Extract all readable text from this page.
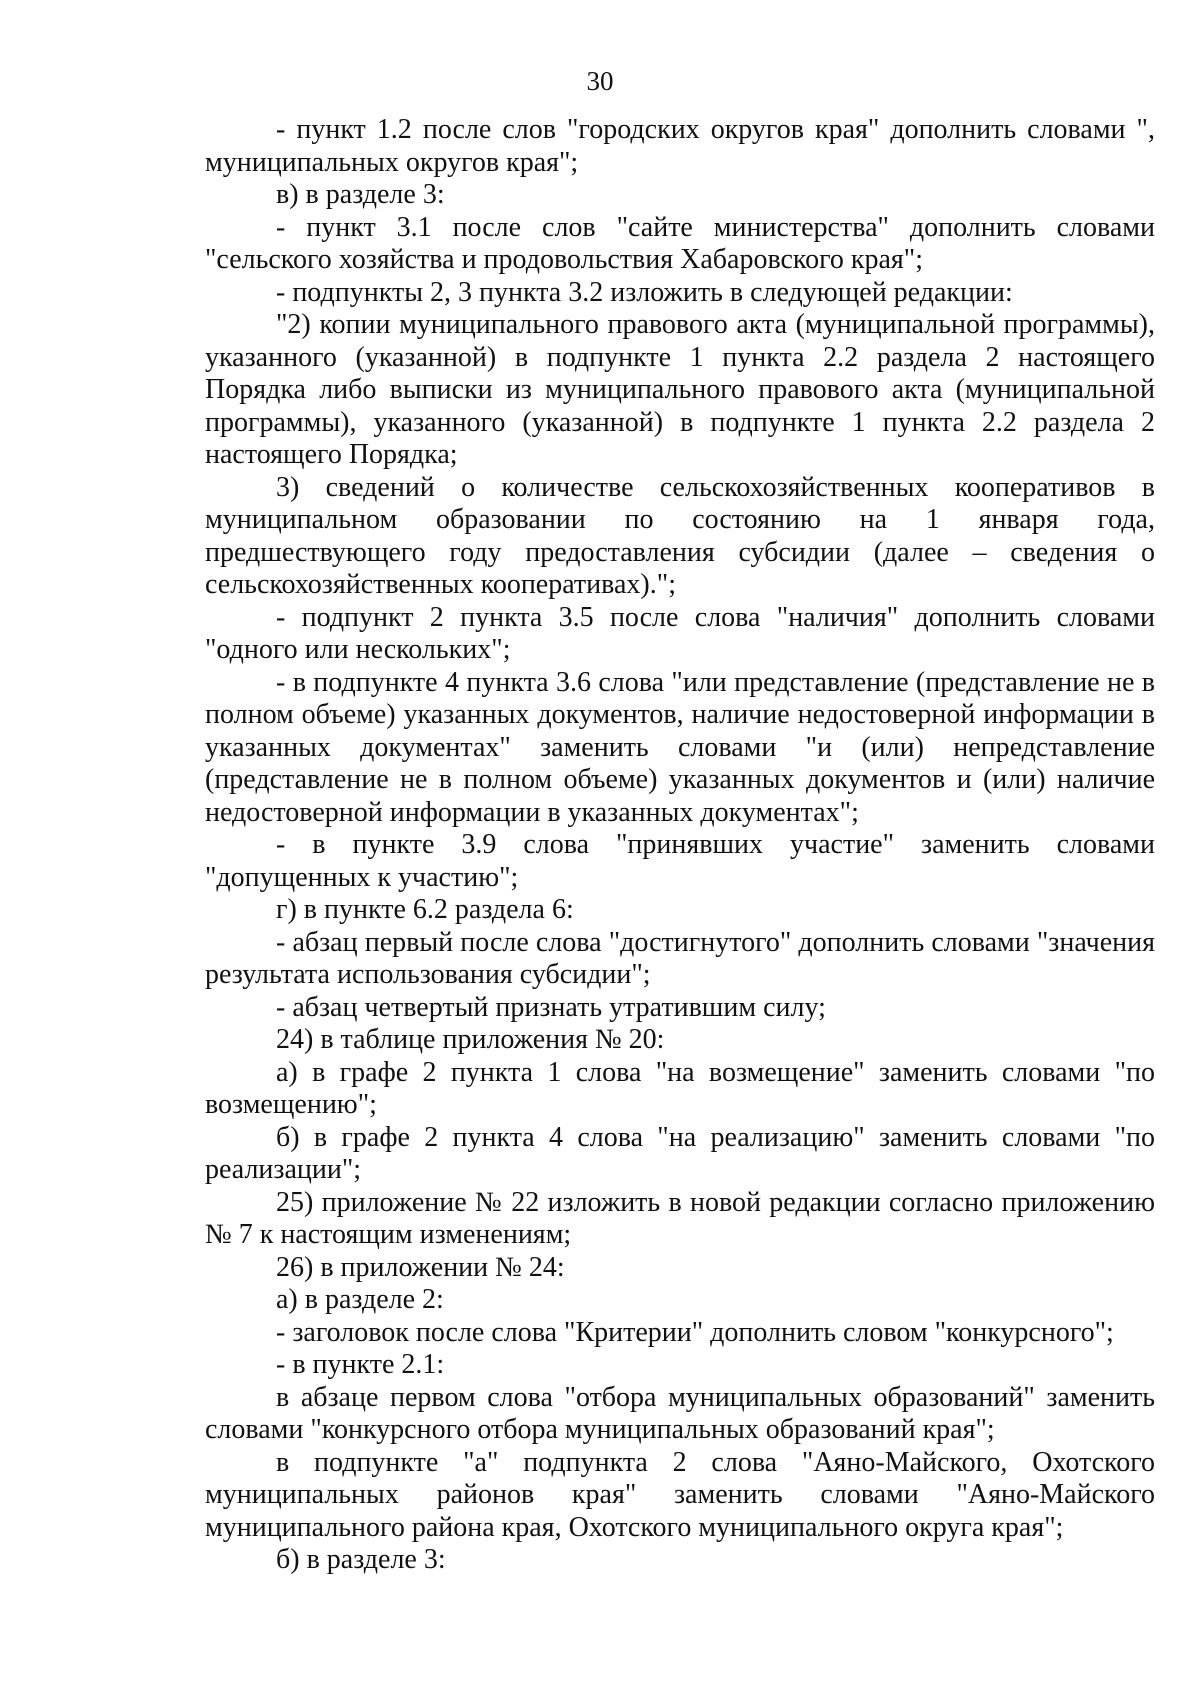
30

- пункт 1.2 после слов "городских округов края" дополнить словами ", муниципальных округов края";

в) в разделе 3:

- пункт 3.1 после слов "сайте министерства" дополнить словами "сельского хозяйства и продовольствия Хабаровского края";

- подпункты 2, 3 пункта 3.2 изложить в следующей редакции:

"2) копии муниципального правового акта (муниципальной программы), указанного (указанной) в подпункте 1 пункта 2.2 раздела 2 настоящего Порядка либо выписки из муниципального правового акта (муниципальной программы), указанного (указанной) в подпункте 1 пункта 2.2 раздела 2 настоящего Порядка;

3) сведений о количестве сельскохозяйственных кооперативов в муниципальном образовании по состоянию на 1 января года, предшествующего году предоставления субсидии (далее – сведения о сельскохозяйственных кооперативах).";

- подпункт 2 пункта 3.5 после слова "наличия" дополнить словами "одного или нескольких";

- в подпункте 4 пункта 3.6 слова "или представление (представление не в полном объеме) указанных документов, наличие недостоверной информации в указанных документах" заменить словами "и (или) непредставление (представление не в полном объеме) указанных документов и (или) наличие недостоверной информации в указанных документах";

- в пункте 3.9 слова "принявших участие" заменить словами "допущенных к участию";

г) в пункте 6.2 раздела 6:

- абзац первый после слова "достигнутого" дополнить словами "значения результата использования субсидии";

- абзац четвертый признать утратившим силу;

24) в таблице приложения № 20:

а) в графе 2 пункта 1 слова "на возмещение" заменить словами "по возмещению";

б) в графе 2 пункта 4 слова "на реализацию" заменить словами "по реализации";

25) приложение № 22 изложить в новой редакции согласно приложению № 7 к настоящим изменениям;

26) в приложении № 24:

а) в разделе 2:

- заголовок после слова "Критерии" дополнить словом "конкурсного";

- в пункте 2.1:

в абзаце первом слова "отбора муниципальных образований" заменить словами "конкурсного отбора муниципальных образований края";

в подпункте "а" подпункта 2 слова "Аяно-Майского, Охотского муниципальных районов края" заменить словами "Аяно-Майского муниципального района края, Охотского муниципального округа края";

б) в разделе 3:
